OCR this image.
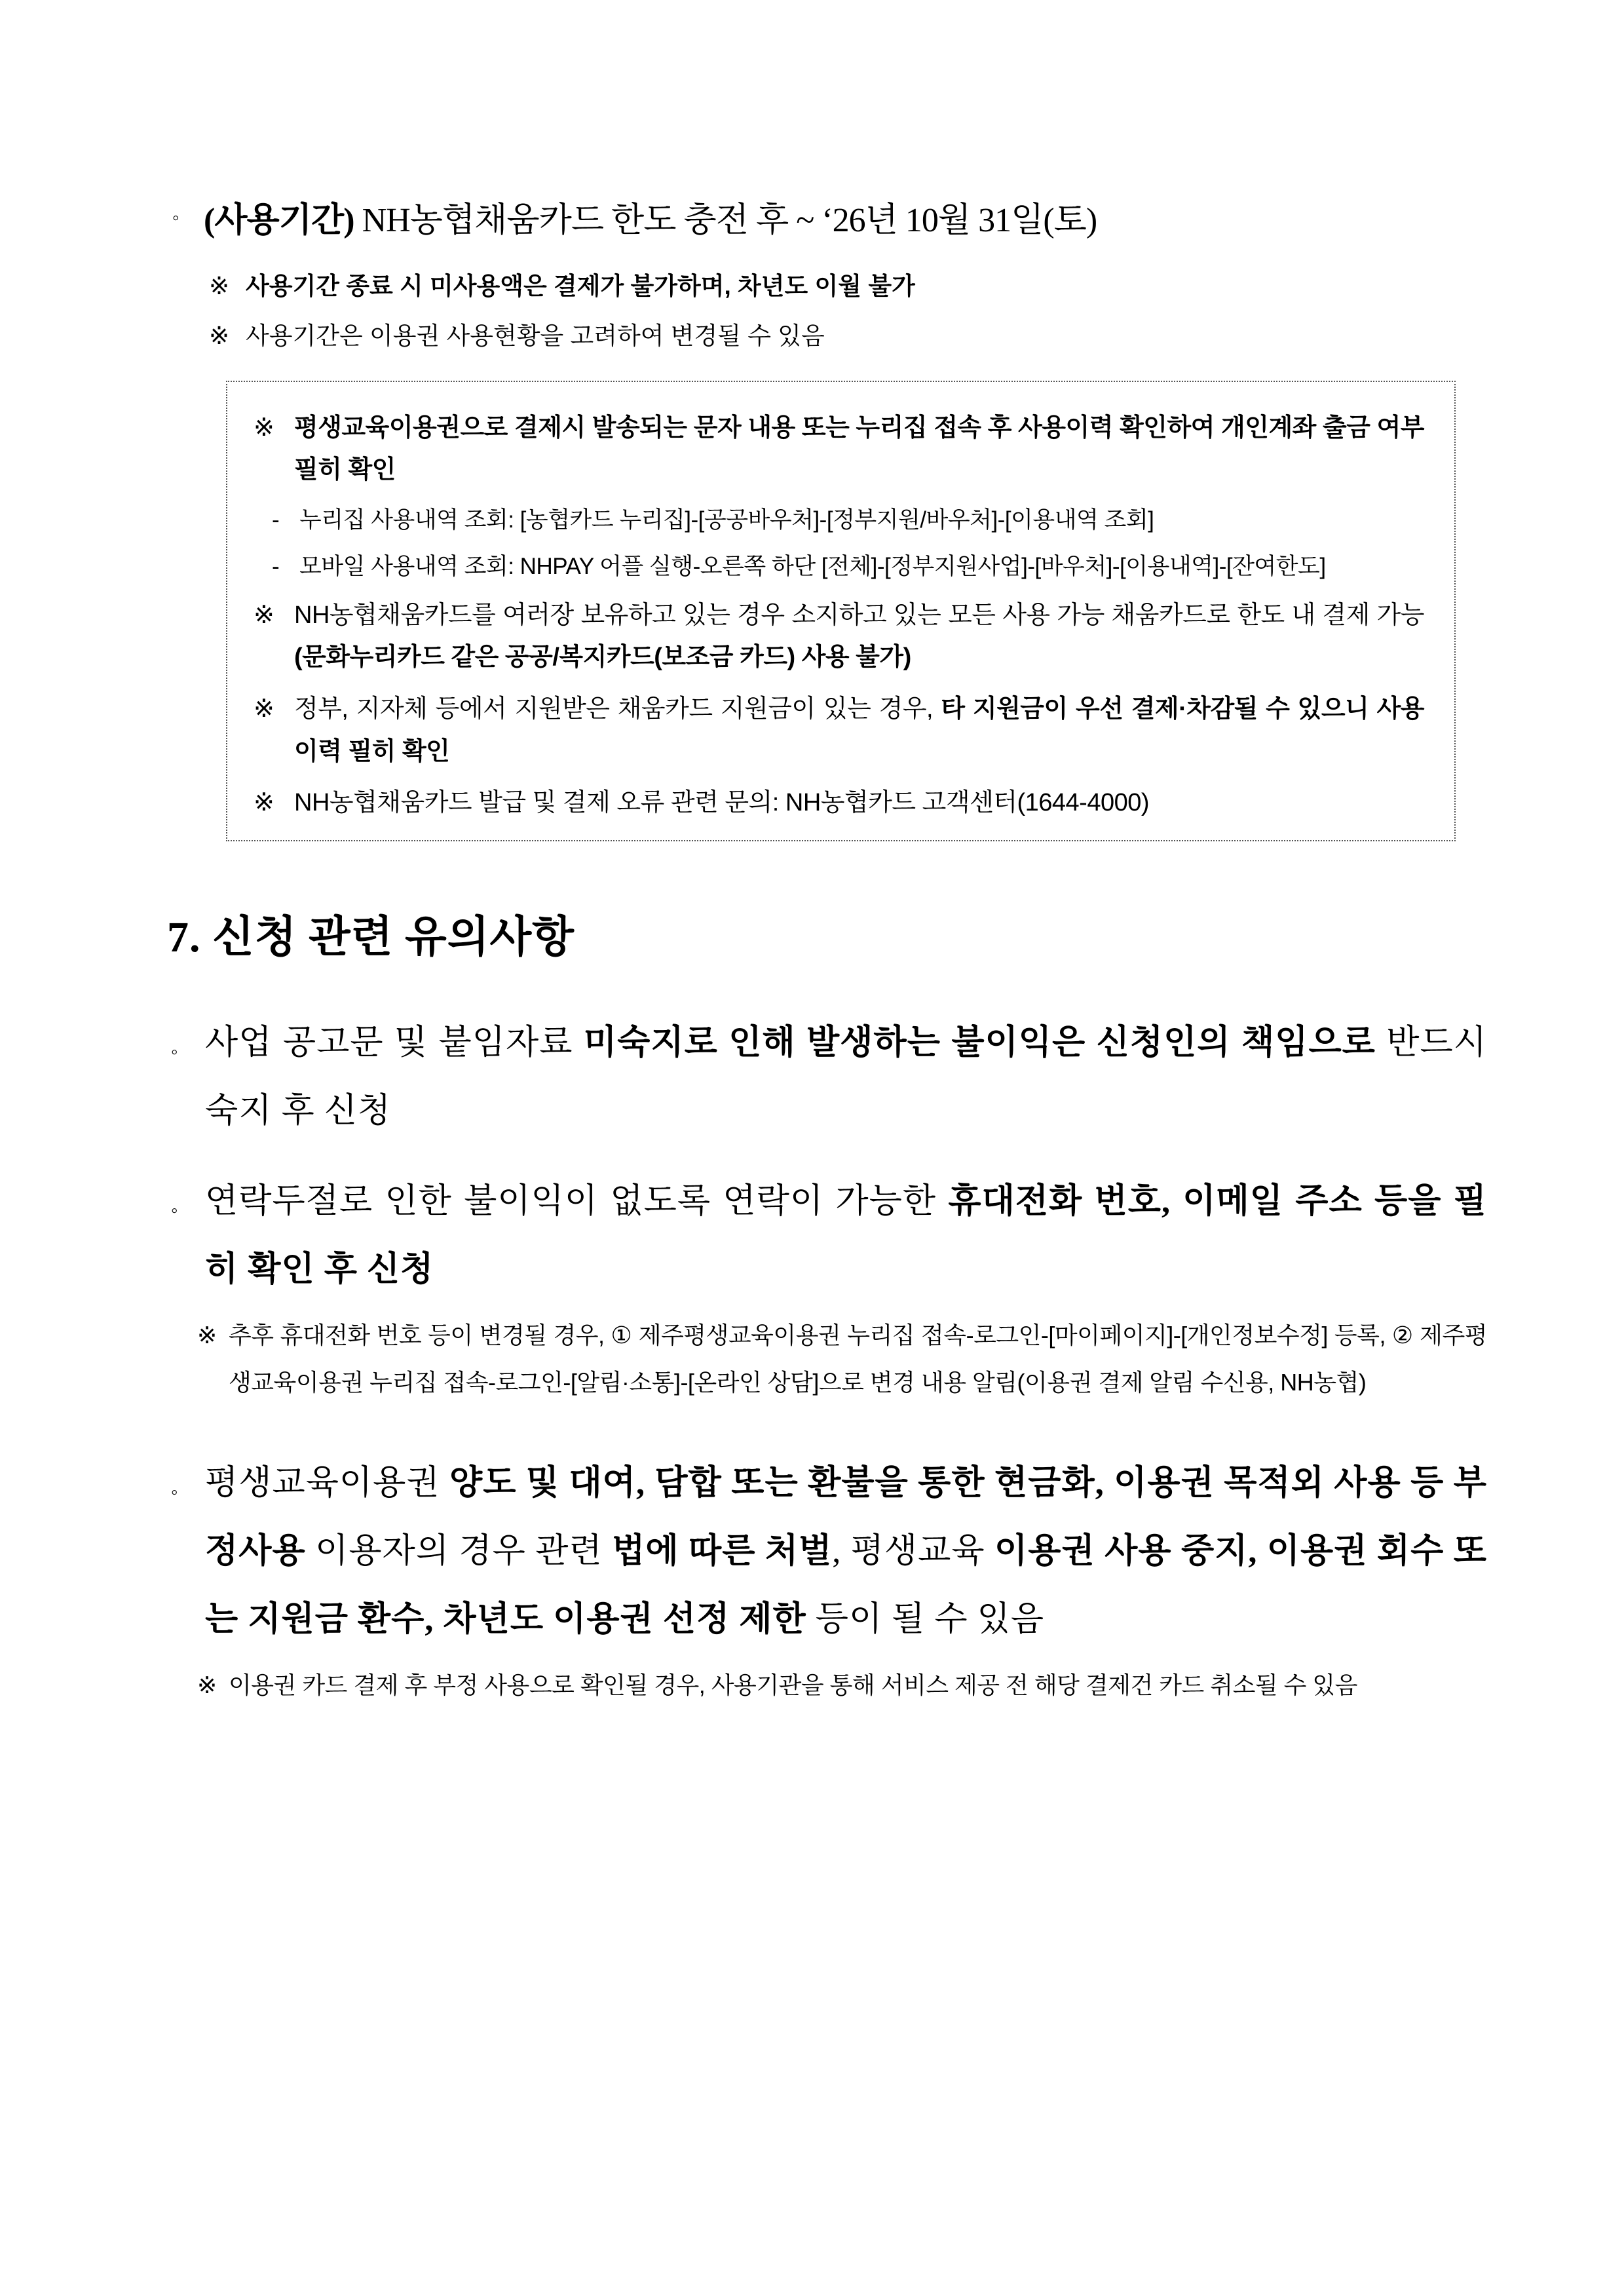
◦ (사용기간) NH농협채움카드 한도 충전 후 ~ ‘26년 10월 31일(토)
※ 사용기간 종료 시 미사용액은 결제가 불가하며, 차년도 이월 불가
※ 사용기간은 이용권 사용현황을 고려하여 변경될 수 있음
※ 평생교육이용권으로 결제시 발송되는 문자 내용 또는 누리집 접속 후 사용이력 확인하여 개인계좌 출금 여부 필히 확인
- 누리집 사용내역 조회: [농협카드 누리집]-[공공바우처]-[정부지원/바우처]-[이용내역 조회]
- 모바일 사용내역 조회: NHPAY 어플 실행-오른쪽 하단 [전체]-[정부지원사업]-[바우처]-[이용내역]-[잔여한도]
※ NH농협채움카드를 여러장 보유하고 있는 경우 소지하고 있는 모든 사용 가능 채움카드로 한도 내 결제 가능(문화누리카드 같은 공공/복지카드(보조금 카드) 사용 불가)
※ 정부, 지자체 등에서 지원받은 채움카드 지원금이 있는 경우, 타 지원금이 우선 결제·차감될 수 있으니 사용이력 필히 확인
※ NH농협채움카드 발급 및 결제 오류 관련 문의: NH농협카드 고객센터(1644-4000)
7. 신청 관련 유의사항
◦ 사업 공고문 및 붙임자료 미숙지로 인해 발생하는 불이익은 신청인의 책임으로 반드시 숙지 후 신청
◦ 연락두절로 인한 불이익이 없도록 연락이 가능한 휴대전화 번호, 이메일 주소 등을 필히 확인 후 신청
※ 추후 휴대전화 번호 등이 변경될 경우, ① 제주평생교육이용권 누리집 접속-로그인-[마이페이지]-[개인정보수정] 등록, ② 제주평생교육이용권 누리집 접속-로그인-[알림·소통]-[온라인 상담]으로 변경 내용 알림(이용권 결제 알림 수신용, NH농협)
◦ 평생교육이용권 양도 및 대여, 담합 또는 환불을 통한 현금화, 이용권 목적외 사용 등 부정사용 이용자의 경우 관련 법에 따른 처벌, 평생교육 이용권 사용 중지, 이용권 회수 또는 지원금 환수, 차년도 이용권 선정 제한 등이 될 수 있음
※ 이용권 카드 결제 후 부정 사용으로 확인될 경우, 사용기관을 통해 서비스 제공 전 해당 결제건 카드 취소될 수 있음
